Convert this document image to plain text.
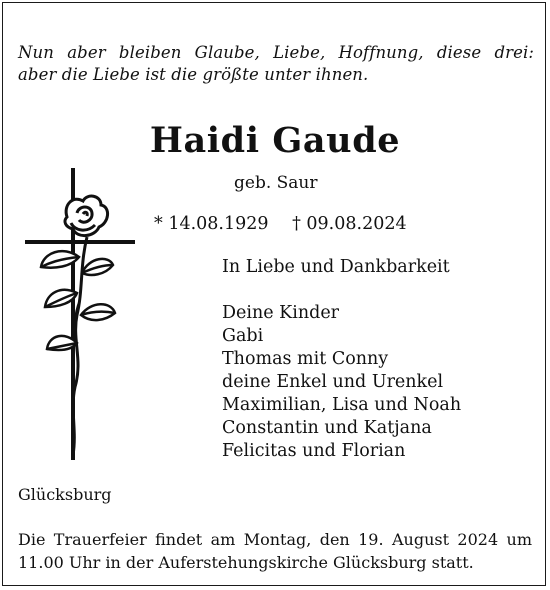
Nun aber bleiben Glaube, Liebe, Hoffnung, diese drei:
aber die Liebe ist die größte unter ihnen.
Haidi Gaude
geb. Saur
* 14.08.1929 † 09.08.2024
In Liebe und Dankbarkeit
Deine Kinder
Gabi
Thomas mit Conny
deine Enkel und Urenkel
Maximilian, Lisa und Noah
Constantin und Katjana
Felicitas und Florian
Glücksburg
Die Trauerfeier findet am Montag, den 19. August 2024 um
11.00 Uhr in der Auferstehungskirche Glücksburg statt.
